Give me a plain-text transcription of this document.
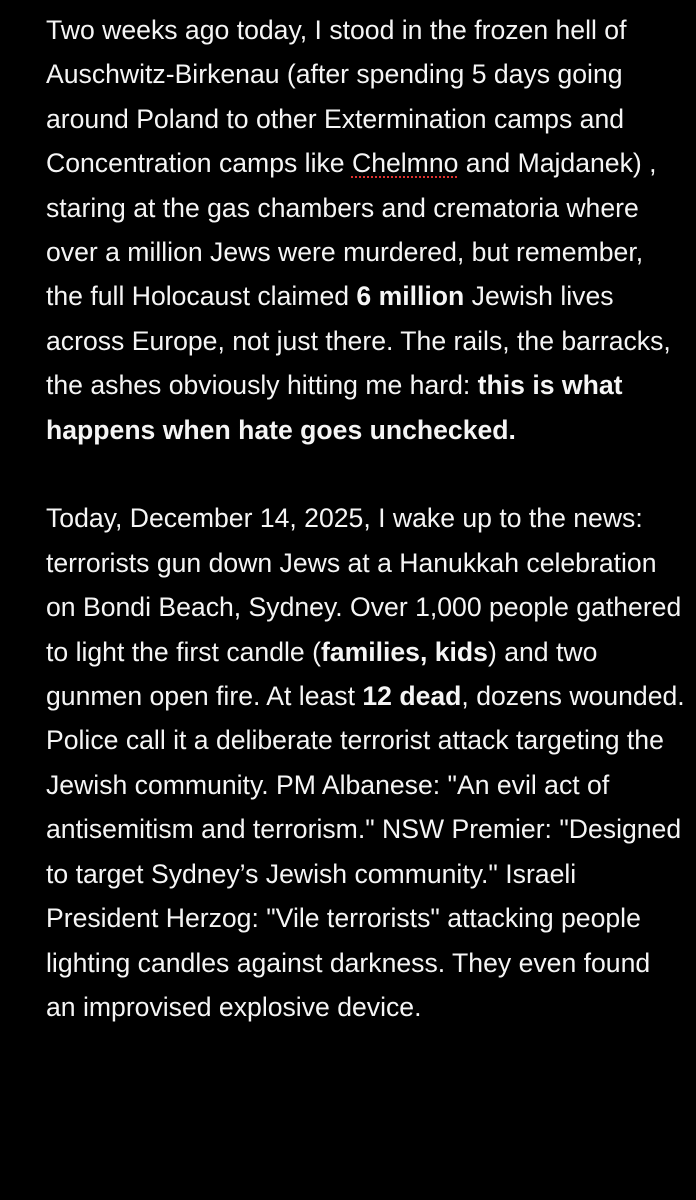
Two weeks ago today, I stood in the frozen hell of Auschwitz-Birkenau (after spending 5 days going around Poland to other Extermination camps and Concentration camps like Chelmno and Majdanek) , staring at the gas chambers and crematoria where over a million Jews were murdered, but remember, the full Holocaust claimed 6 million Jewish lives across Europe, not just there. The rails, the barracks, the ashes obviously hitting me hard: this is what happens when hate goes unchecked.

Today, December 14, 2025, I wake up to the news: terrorists gun down Jews at a Hanukkah celebration on Bondi Beach, Sydney. Over 1,000 people gathered to light the first candle (families, kids) and two gunmen open fire. At least 12 dead, dozens wounded. Police call it a deliberate terrorist attack targeting the Jewish community. PM Albanese: "An evil act of antisemitism and terrorism." NSW Premier: "Designed to target Sydney’s Jewish community." Israeli President Herzog: "Vile terrorists" attacking people lighting candles against darkness. They even found an improvised explosive device.
